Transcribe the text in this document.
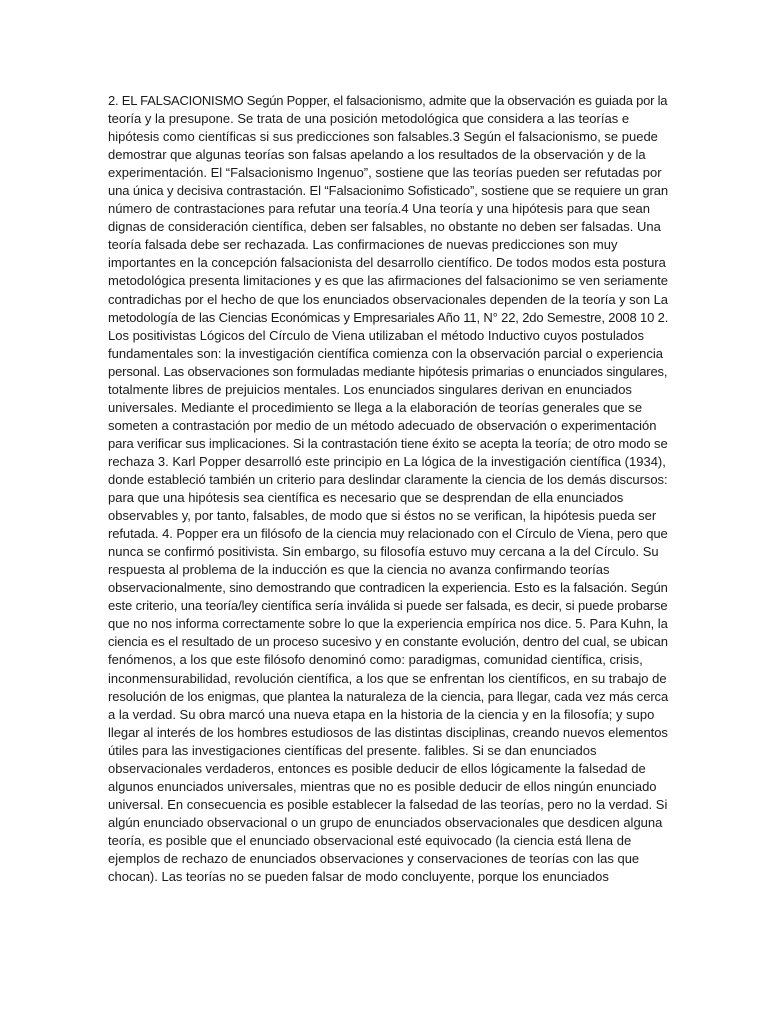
2. EL FALSACIONISMO Según Popper, el falsacionismo, admite que la observación es guiada por la
teoría y la presupone. Se trata de una posición metodológica que considera a las teorías e
hipótesis como científicas si sus predicciones son falsables.3 Según el falsacionismo, se puede
demostrar que algunas teorías son falsas apelando a los resultados de la observación y de la
experimentación. El “Falsacionismo Ingenuo”, sostiene que las teorías pueden ser refutadas por
una única y decisiva contrastación. El “Falsacionimo Sofisticado”, sostiene que se requiere un gran
número de contrastaciones para refutar una teoría.4 Una teoría y una hipótesis para que sean
dignas de consideración científica, deben ser falsables, no obstante no deben ser falsadas. Una
teoría falsada debe ser rechazada. Las confirmaciones de nuevas predicciones son muy
importantes en la concepción falsacionista del desarrollo científico. De todos modos esta postura
metodológica presenta limitaciones y es que las afirmaciones del falsacionimo se ven seriamente
contradichas por el hecho de que los enunciados observacionales dependen de la teoría y son La
metodología de las Ciencias Económicas y Empresariales Año 11, N° 22, 2do Semestre, 2008 10 2.
Los positivistas Lógicos del Círculo de Viena utilizaban el método Inductivo cuyos postulados
fundamentales son: la investigación científica comienza con la observación parcial o experiencia
personal. Las observaciones son formuladas mediante hipótesis primarias o enunciados singulares,
totalmente libres de prejuicios mentales. Los enunciados singulares derivan en enunciados
universales. Mediante el procedimiento se llega a la elaboración de teorías generales que se
someten a contrastación por medio de un método adecuado de observación o experimentación
para verificar sus implicaciones. Si la contrastación tiene éxito se acepta la teoría; de otro modo se
rechaza 3. Karl Popper desarrolló este principio en La lógica de la investigación científica (1934),
donde estableció también un criterio para deslindar claramente la ciencia de los demás discursos:
para que una hipótesis sea científica es necesario que se desprendan de ella enunciados
observables y, por tanto, falsables, de modo que si éstos no se verifican, la hipótesis pueda ser
refutada. 4. Popper era un filósofo de la ciencia muy relacionado con el Círculo de Viena, pero que
nunca se confirmó positivista. Sin embargo, su filosofía estuvo muy cercana a la del Círculo. Su
respuesta al problema de la inducción es que la ciencia no avanza confirmando teorías
observacionalmente, sino demostrando que contradicen la experiencia. Esto es la falsación. Según
este criterio, una teoría/ley científica sería inválida si puede ser falsada, es decir, si puede probarse
que no nos informa correctamente sobre lo que la experiencia empírica nos dice. 5. Para Kuhn, la
ciencia es el resultado de un proceso sucesivo y en constante evolución, dentro del cual, se ubican
fenómenos, a los que este filósofo denominó como: paradigmas, comunidad científica, crisis,
inconmensurabilidad, revolución científica, a los que se enfrentan los científicos, en su trabajo de
resolución de los enigmas, que plantea la naturaleza de la ciencia, para llegar, cada vez más cerca
a la verdad. Su obra marcó una nueva etapa en la historia de la ciencia y en la filosofía; y supo
llegar al interés de los hombres estudiosos de las distintas disciplinas, creando nuevos elementos
útiles para las investigaciones científicas del presente. falibles. Si se dan enunciados
observacionales verdaderos, entonces es posible deducir de ellos lógicamente la falsedad de
algunos enunciados universales, mientras que no es posible deducir de ellos ningún enunciado
universal. En consecuencia es posible establecer la falsedad de las teorías, pero no la verdad. Si
algún enunciado observacional o un grupo de enunciados observacionales que desdicen alguna
teoría, es posible que el enunciado observacional esté equivocado (la ciencia está llena de
ejemplos de rechazo de enunciados observaciones y conservaciones de teorías con las que
chocan). Las teorías no se pueden falsar de modo concluyente, porque los enunciados
